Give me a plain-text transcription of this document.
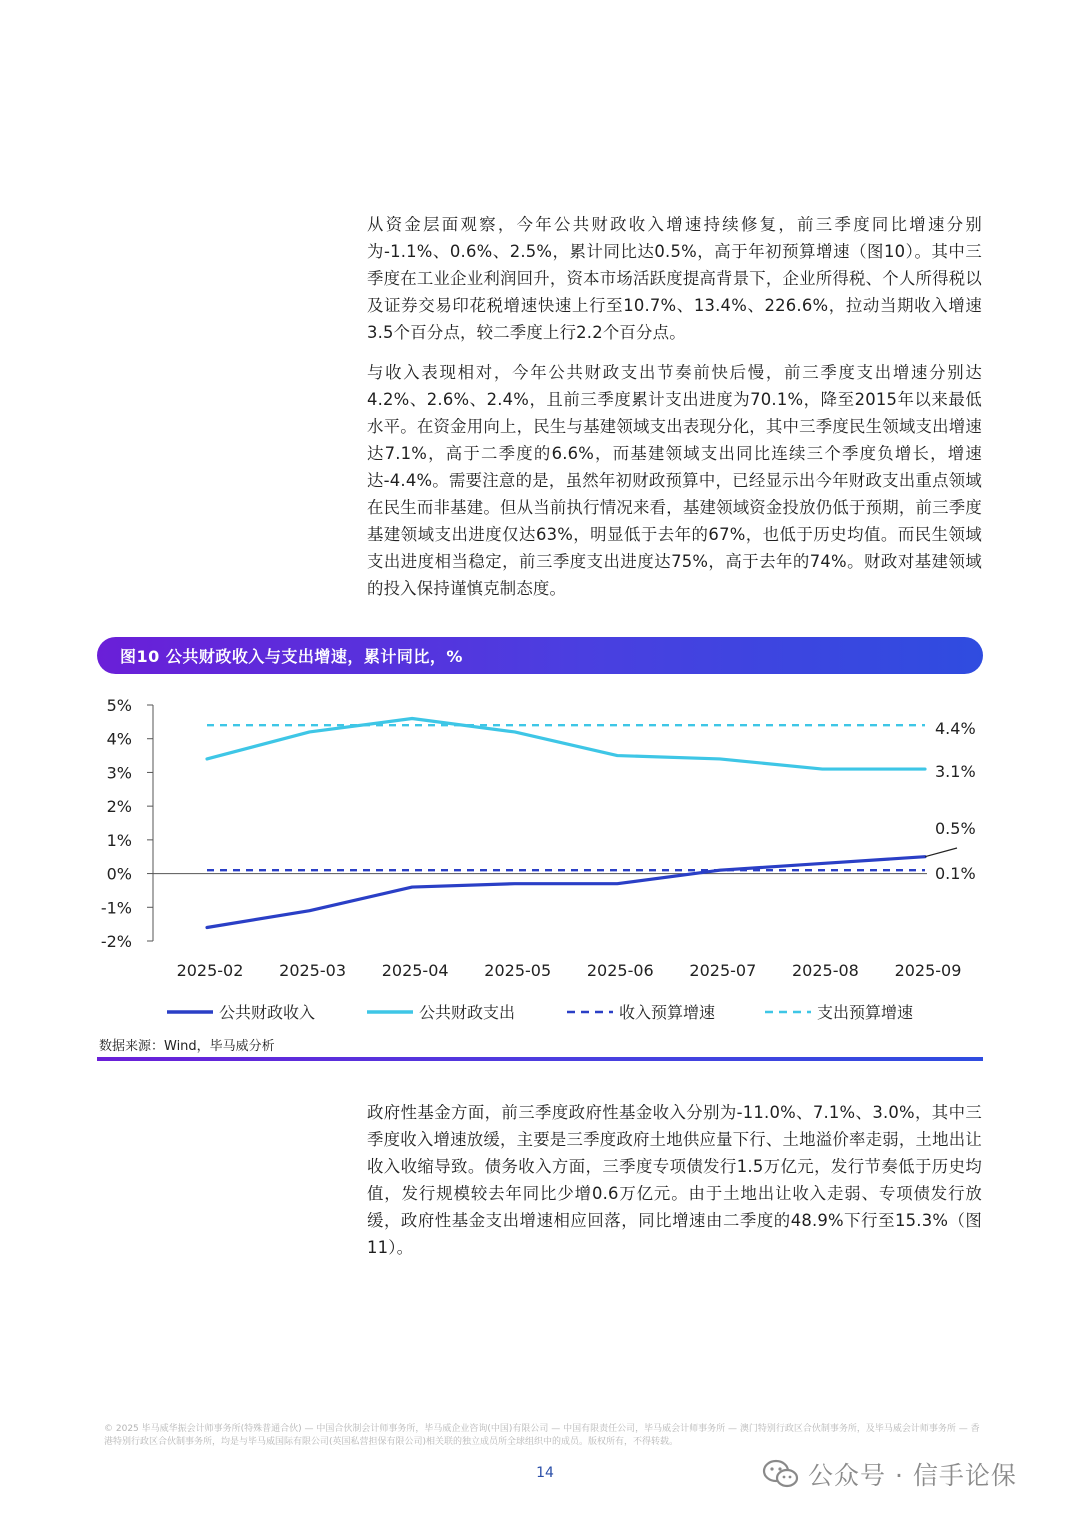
从资金层面观察，今年公共财政收入增速持续修复，前三季度同比增速分别为-1.1%、0.6%、2.5%，累计同比达0.5%，高于年初预算增速（图10）。其中三季度在工业企业利润回升，资本市场活跃度提高背景下，企业所得税、个人所得税以及证券交易印花税增速快速上行至10.7%、13.4%、226.6%，拉动当期收入增速3.5个百分点，较二季度上行2.2个百分点。

与收入表现相对，今年公共财政支出节奏前快后慢，前三季度支出增速分别达4.2%、2.6%、2.4%，且前三季度累计支出进度为70.1%，降至2015年以来最低水平。在资金用向上，民生与基建领域支出表现分化，其中三季度民生领域支出增速达7.1%，高于二季度的6.6%，而基建领域支出同比连续三个季度负增长，增速达-4.4%。需要注意的是，虽然年初财政预算中，已经显示出今年财政支出重点领域在民生而非基建。但从当前执行情况来看，基建领域资金投放仍低于预期，前三季度基建领域支出进度仅达63%，明显低于去年的67%，也低于历史均值。而民生领域支出进度相当稳定，前三季度支出进度达75%，高于去年的74%。财政对基建领域的投入保持谨慎克制态度。

图10 公共财政收入与支出增速，累计同比，%
5%
4%
3%
2%
1%
0%
-1%
-2%
2025-02 2025-03 2025-04 2025-05 2025-06 2025-07 2025-08 2025-09
4.4%
3.1%
0.5%
0.1%
公共财政收入	公共财政支出	收入预算增速	支出预算增速
数据来源：Wind，毕马威分析

政府性基金方面，前三季度政府性基金收入分别为-11.0%、7.1%、3.0%，其中三季度收入增速放缓，主要是三季度政府土地供应量下行、土地溢价率走弱，土地出让收入收缩导致。债务收入方面，三季度专项债发行1.5万亿元，发行节奏低于历史均值，发行规模较去年同比少增0.6万亿元。由于土地出让收入走弱、专项债发行放缓，政府性基金支出增速相应回落，同比增速由二季度的48.9%下行至15.3%（图11）。

© 2025 毕马威华振会计师事务所(特殊普通合伙) — 中国合伙制会计师事务所，毕马威企业咨询(中国)有限公司 — 中国有限责任公司，毕马威会计师事务所 — 澳门特别行政区合伙制事务所，及毕马威会计师事务所 — 香港特别行政区合伙制事务所，均是与毕马威国际有限公司(英国私营担保有限公司)相关联的独立成员所全球组织中的成员。版权所有，不得转载。
14	公众号 · 信手论保
